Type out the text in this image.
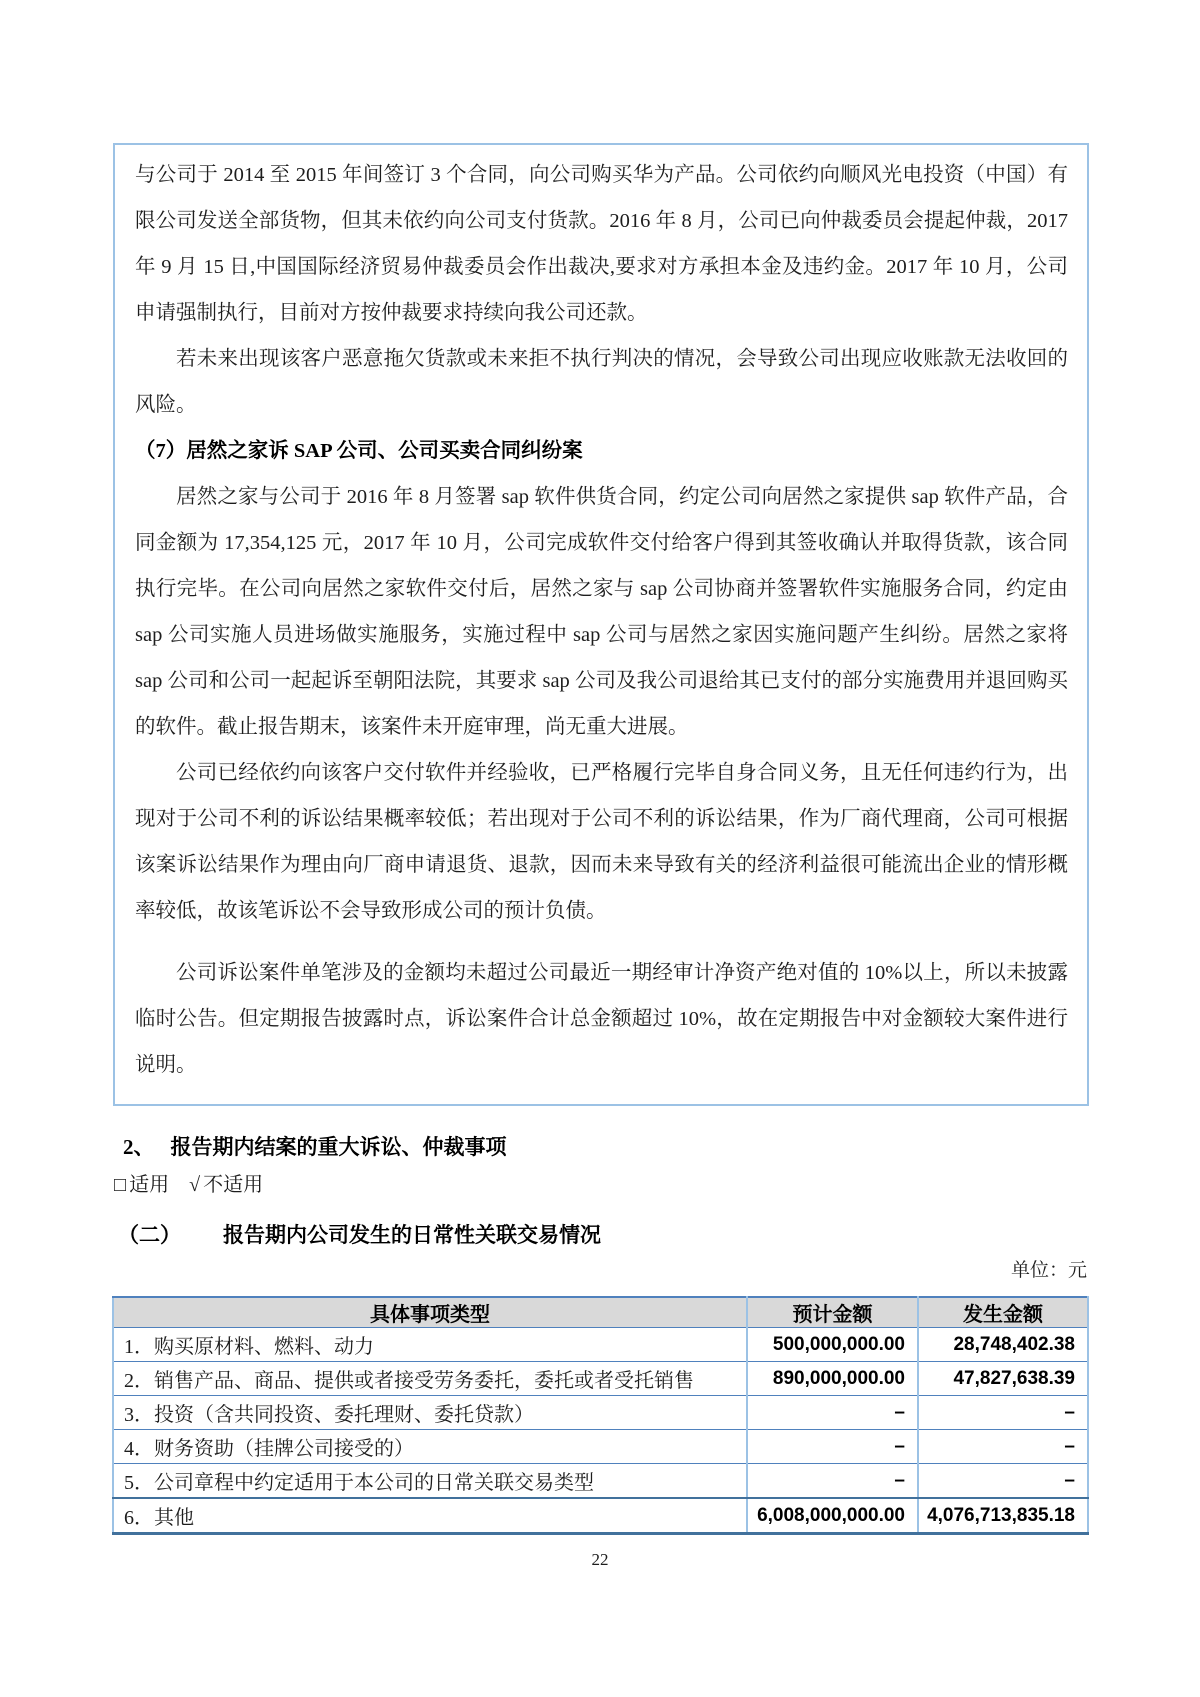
与公司于 2014 至 2015 年间签订 3 个合同，向公司购买华为产品。公司依约向顺风光电投资（中国）有限公司发送全部货物，但其未依约向公司支付货款。2016 年 8 月，公司已向仲裁委员会提起仲裁，2017 年 9 月 15 日,中国国际经济贸易仲裁委员会作出裁决,要求对方承担本金及违约金。2017 年 10 月，公司申请强制执行，目前对方按仲裁要求持续向我公司还款。

若未来出现该客户恶意拖欠货款或未来拒不执行判决的情况，会导致公司出现应收账款无法收回的风险。

（7）居然之家诉 SAP 公司、公司买卖合同纠纷案

居然之家与公司于 2016 年 8 月签署 sap 软件供货合同，约定公司向居然之家提供 sap 软件产品，合同金额为 17,354,125 元，2017 年 10 月，公司完成软件交付给客户得到其签收确认并取得货款，该合同执行完毕。在公司向居然之家软件交付后，居然之家与 sap 公司协商并签署软件实施服务合同，约定由 sap 公司实施人员进场做实施服务，实施过程中 sap 公司与居然之家因实施问题产生纠纷。居然之家将 sap 公司和公司一起起诉至朝阳法院，其要求 sap 公司及我公司退给其已支付的部分实施费用并退回购买的软件。截止报告期末，该案件未开庭审理，尚无重大进展。

公司已经依约向该客户交付软件并经验收，已严格履行完毕自身合同义务，且无任何违约行为，出现对于公司不利的诉讼结果概率较低；若出现对于公司不利的诉讼结果，作为厂商代理商，公司可根据该案诉讼结果作为理由向厂商申请退货、退款，因而未来导致有关的经济利益很可能流出企业的情形概率较低，故该笔诉讼不会导致形成公司的预计负债。

公司诉讼案件单笔涉及的金额均未超过公司最近一期经审计净资产绝对值的 10%以上，所以未披露临时公告。但定期报告披露时点，诉讼案件合计总金额超过 10%，故在定期报告中对金额较大案件进行说明。

2、 报告期内结案的重大诉讼、仲裁事项
□ 适用 √ 不适用
（二） 报告期内公司发生的日常性关联交易情况
单位：元
具体事项类型	预计金额	发生金额
1．购买原材料、燃料、动力	500,000,000.00	28,748,402.38
2．销售产品、商品、提供或者接受劳务委托，委托或者受托销售	890,000,000.00	47,827,638.39
3．投资（含共同投资、委托理财、委托贷款）	–	–
4．财务资助（挂牌公司接受的）	–	–
5．公司章程中约定适用于本公司的日常关联交易类型	–	–
6．其他	6,008,000,000.00	4,076,713,835.18
22
